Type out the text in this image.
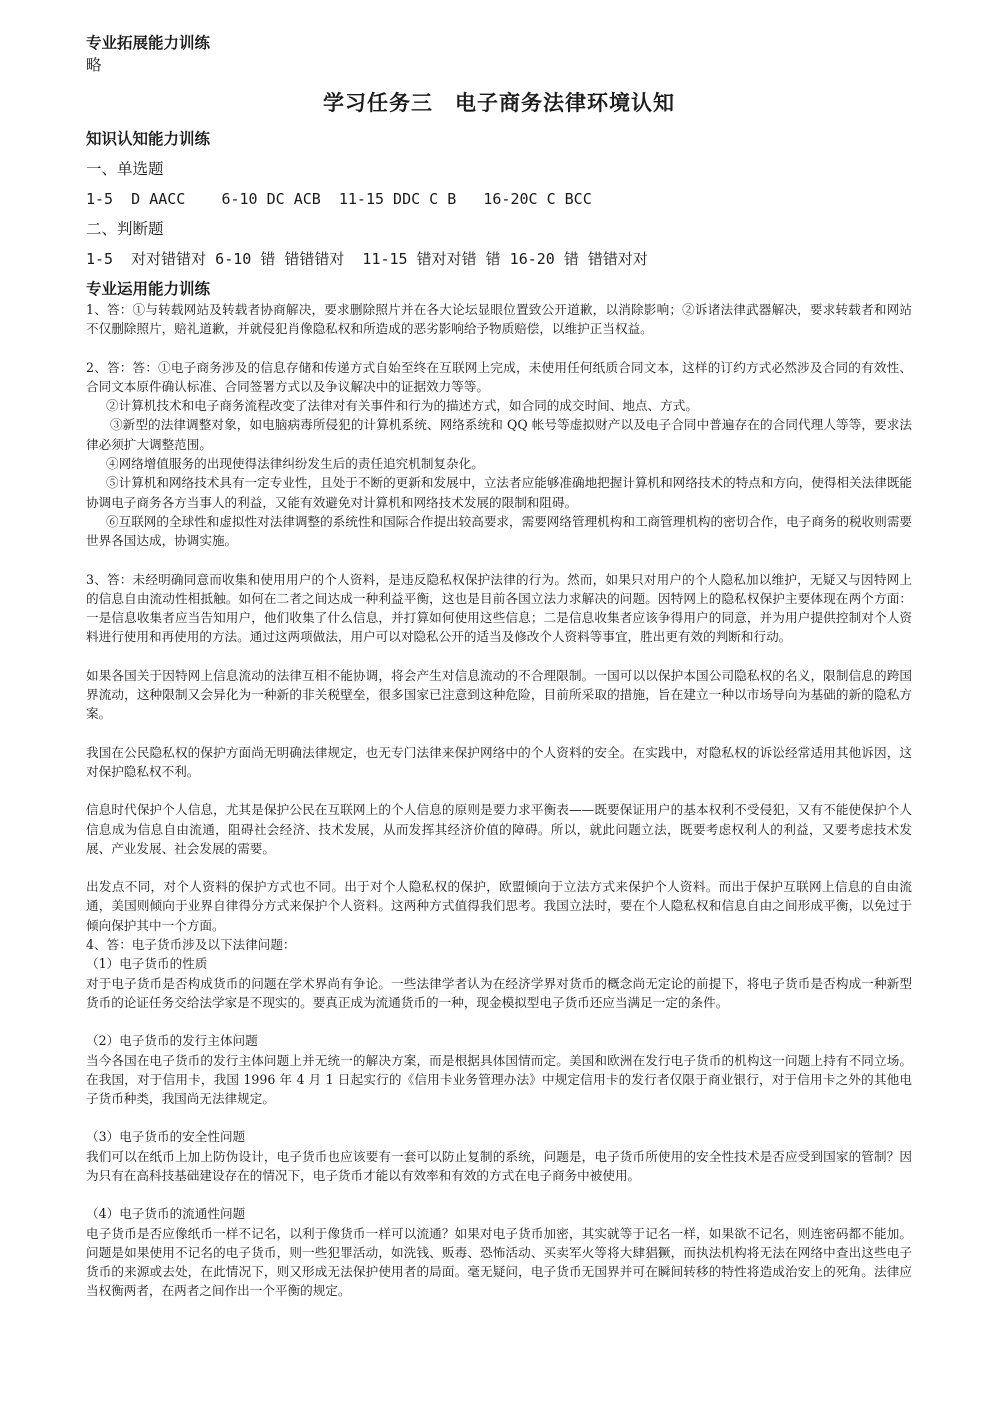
专业拓展能力训练
略
学习任务三　电子商务法律环境认知
知识认知能力训练
一、单选题
1-5  D AACC    6-10 DC ACB  11-15 DDC C B   16-20C C BCC
二、判断题
1-5  对对错错对 6-10 错 错错错对  11-15 错对对错 错 16-20 错 错错对对
专业运用能力训练
1、答：①与转载网站及转载者协商解决，要求删除照片并在各大论坛显眼位置致公开道歉，以消除影响；②诉诸法律武器解决，要求转载者和网站不仅删除照片，赔礼道歉，并就侵犯肖像隐私权和所造成的恶劣影响给予物质赔偿，以维护正当权益。
2、答：答：①电子商务涉及的信息存储和传递方式自始至终在互联网上完成，未使用任何纸质合同文本，这样的订约方式必然涉及合同的有效性、合同文本原件确认标准、合同签署方式以及争议解决中的证据效力等等。
②计算机技术和电子商务流程改变了法律对有关事件和行为的描述方式，如合同的成交时间、地点、方式。
③新型的法律调整对象，如电脑病毒所侵犯的计算机系统、网络系统和 QQ 帐号等虚拟财产以及电子合同中普遍存在的合同代理人等等，要求法律必须扩大调整范围。
④网络增值服务的出现使得法律纠纷发生后的责任追究机制复杂化。
⑤计算机和网络技术具有一定专业性，且处于不断的更新和发展中，立法者应能够准确地把握计算机和网络技术的特点和方向，使得相关法律既能协调电子商务各方当事人的利益，又能有效避免对计算机和网络技术发展的限制和阻碍。
⑥互联网的全球性和虚拟性对法律调整的系统性和国际合作提出较高要求，需要网络管理机构和工商管理机构的密切合作，电子商务的税收则需要世界各国达成，协调实施。
3、答：未经明确同意而收集和使用用户的个人资料，是违反隐私权保护法律的行为。然而，如果只对用户的个人隐私加以维护，无疑又与因特网上的信息自由流动性相抵触。如何在二者之间达成一种利益平衡，这也是目前各国立法力求解决的问题。因特网上的隐私权保护主要体现在两个方面：一是信息收集者应当告知用户，他们收集了什么信息，并打算如何使用这些信息；二是信息收集者应该争得用户的同意，并为用户提供控制对个人资料进行使用和再使用的方法。通过这两项做法，用户可以对隐私公开的适当及修改个人资料等事宜，胜出更有效的判断和行动。
如果各国关于因特网上信息流动的法律互相不能协调，将会产生对信息流动的不合理限制。一国可以以保护本国公司隐私权的名义，限制信息的跨国界流动，这种限制又会异化为一种新的非关税壁垒，很多国家已注意到这种危险，目前所采取的措施，旨在建立一种以市场导向为基础的新的隐私方案。
我国在公民隐私权的保护方面尚无明确法律规定，也无专门法律来保护网络中的个人资料的安全。在实践中，对隐私权的诉讼经常适用其他诉因，这对保护隐私权不利。
信息时代保护个人信息，尤其是保护公民在互联网上的个人信息的原则是要力求平衡表——既要保证用户的基本权利不受侵犯，又有不能使保护个人信息成为信息自由流通，阻碍社会经济、技术发展，从而发挥其经济价值的障碍。所以，就此问题立法，既要考虑权利人的利益，又要考虑技术发展、产业发展、社会发展的需要。
出发点不同，对个人资料的保护方式也不同。出于对个人隐私权的保护，欧盟倾向于立法方式来保护个人资料。而出于保护互联网上信息的自由流通，美国则倾向于业界自律得分方式来保护个人资料。这两种方式值得我们思考。我国立法时，要在个人隐私权和信息自由之间形成平衡，以免过于倾向保护其中一个方面。
4、答：电子货币涉及以下法律问题：
（1）电子货币的性质
对于电子货币是否构成货币的问题在学术界尚有争论。一些法律学者认为在经济学界对货币的概念尚无定论的前提下，将电子货币是否构成一种新型货币的论证任务交给法学家是不现实的。要真正成为流通货币的一种，现金模拟型电子货币还应当满足一定的条件。
（2）电子货币的发行主体问题
当今各国在电子货币的发行主体问题上并无统一的解决方案，而是根据具体国情而定。美国和欧洲在发行电子货币的机构这一问题上持有不同立场。在我国，对于信用卡，我国 1996 年 4 月 1 日起实行的《信用卡业务管理办法》中规定信用卡的发行者仅限于商业银行，对于信用卡之外的其他电子货币种类，我国尚无法律规定。
（3）电子货币的安全性问题
我们可以在纸币上加上防伪设计，电子货币也应该要有一套可以防止复制的系统，问题是，电子货币所使用的安全性技术是否应受到国家的管制？因为只有在高科技基础建设存在的情况下，电子货币才能以有效率和有效的方式在电子商务中被使用。
（4）电子货币的流通性问题
电子货币是否应像纸币一样不记名，以利于像货币一样可以流通？如果对电子货币加密，其实就等于记名一样，如果欲不记名，则连密码都不能加。问题是如果使用不记名的电子货币，则一些犯罪活动，如洗钱、贩毒、恐怖活动、买卖军火等将大肆猖獗，而执法机构将无法在网络中查出这些电子货币的来源或去处，在此情况下，则又形成无法保护使用者的局面。毫无疑问，电子货币无国界并可在瞬间转移的特性将造成治安上的死角。法律应当权衡两者，在两者之间作出一个平衡的规定。
